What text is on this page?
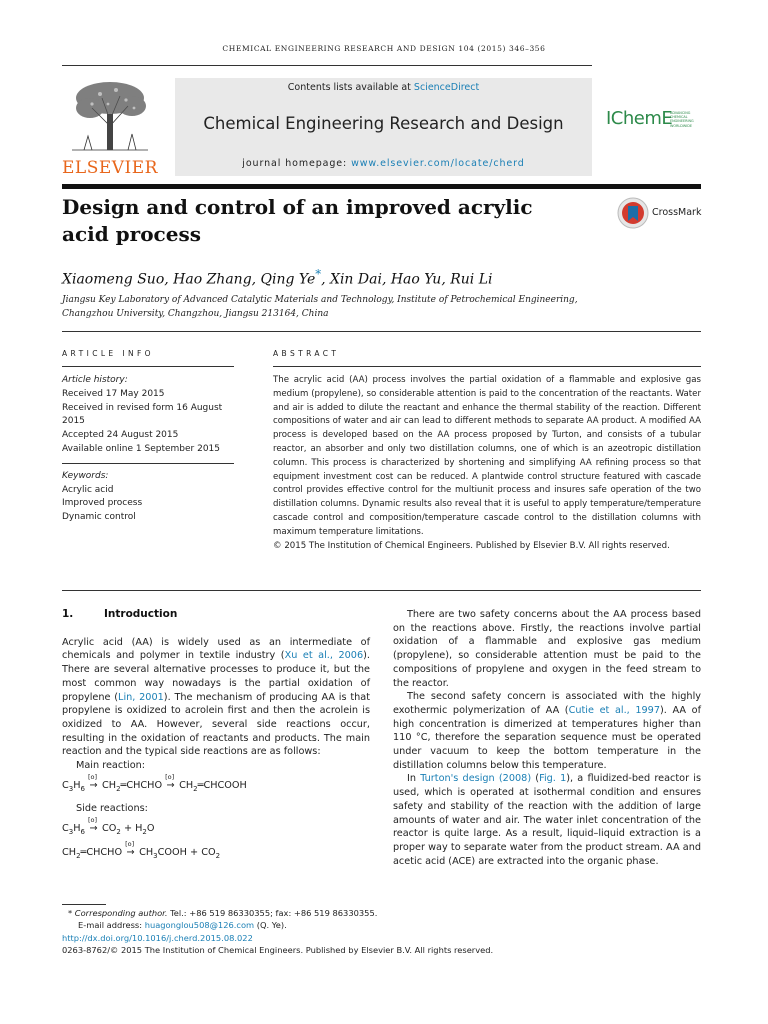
CHEMICAL ENGINEERING RESEARCH AND DESIGN 104 (2015) 346–356
ELSEVIER
Contents lists available at ScienceDirect
Chemical Engineering Research and Design
journal homepage: www.elsevier.com/locate/cherd
IChemE
ADVANCING CHEMICAL ENGINEERING WORLDWIDE
Design and control of an improved acrylic acid process
CrossMark
Xiaomeng Suo, Hao Zhang, Qing Ye*, Xin Dai, Hao Yu, Rui Li
Jiangsu Key Laboratory of Advanced Catalytic Materials and Technology, Institute of Petrochemical Engineering,
Changzhou University, Changzhou, Jiangsu 213164, China
ARTICLE INFO	ABSTRACT
Article history:
Received 17 May 2015
Received in revised form 16 August 2015
Accepted 24 August 2015
Available online 1 September 2015
Keywords:
Acrylic acid
Improved process
Dynamic control
The acrylic acid (AA) process involves the partial oxidation of a flammable and explosive gas medium (propylene), so considerable attention is paid to the concentration of the reactants. Water and air is added to dilute the reactant and enhance the thermal stability of the reaction. Different compositions of water and air can lead to different methods to separate AA product. A modified AA process is developed based on the AA process proposed by Turton, and consists of a tubular reactor, an absorber and only two distillation columns, one of which is an azeotropic distillation column. This process is characterized by shortening and simplifying AA refining process so that equipment investment cost can be reduced. A plantwide control structure featured with cascade control provides effective control for the multiunit process and insures safe operation of the two distillation columns. Dynamic results also reveal that it is useful to apply temperature/temperature cascade control and composition/temperature cascade control to the distillation columns with maximum temperature limitations.
© 2015 The Institution of Chemical Engineers. Published by Elsevier B.V. All rights reserved.
1.	Introduction
Acrylic acid (AA) is widely used as an intermediate of chemicals and polymer in textile industry (Xu et al., 2006). There are several alternative processes to produce it, but the most common way nowadays is the partial oxidation of propylene (Lin, 2001). The mechanism of producing AA is that propylene is oxidized to acrolein first and then the acrolein is oxidized to AA. However, several side reactions occur, resulting in the oxidation of reactants and products. The main reaction and the typical side reactions are as follows:
Main reaction:
$C_3H_6$
[o]
→ $CH_2═CHCHO$
[o]
→ $CH_2═CHCOOH$
Side reactions:
$C_3H_6$
[o]
→ $CO_2 + H_2O$
$CH_2═CHCHO$
[o]
→ $CH_3COOH + CO_2$
There are two safety concerns about the AA process based on the reactions above. Firstly, the reactions involve partial oxidation of a flammable and explosive gas medium (propylene), so considerable attention must be paid to the compositions of propylene and oxygen in the feed stream to the reactor.
The second safety concern is associated with the highly exothermic polymerization of AA (Cutie et al., 1997). AA of high concentration is dimerized at temperatures higher than 110 °C, therefore the separation sequence must be operated under vacuum to keep the bottom temperature in the distillation columns below this temperature.
In Turton's design (2008) (Fig. 1), a fluidized-bed reactor is used, which is operated at isothermal condition and ensures safety and stability of the reaction with the addition of large amounts of water and air. The water inlet concentration of the reactor is quite large. As a result, liquid–liquid extraction is a proper way to separate water from the product stream. AA and acetic acid (ACE) are extracted into the organic phase.
* Corresponding author. Tel.: +86 519 86330355; fax: +86 519 86330355.
E-mail address: huagonglou508@126.com (Q. Ye).
http://dx.doi.org/10.1016/j.cherd.2015.08.022
0263-8762/© 2015 The Institution of Chemical Engineers. Published by Elsevier B.V. All rights reserved.
